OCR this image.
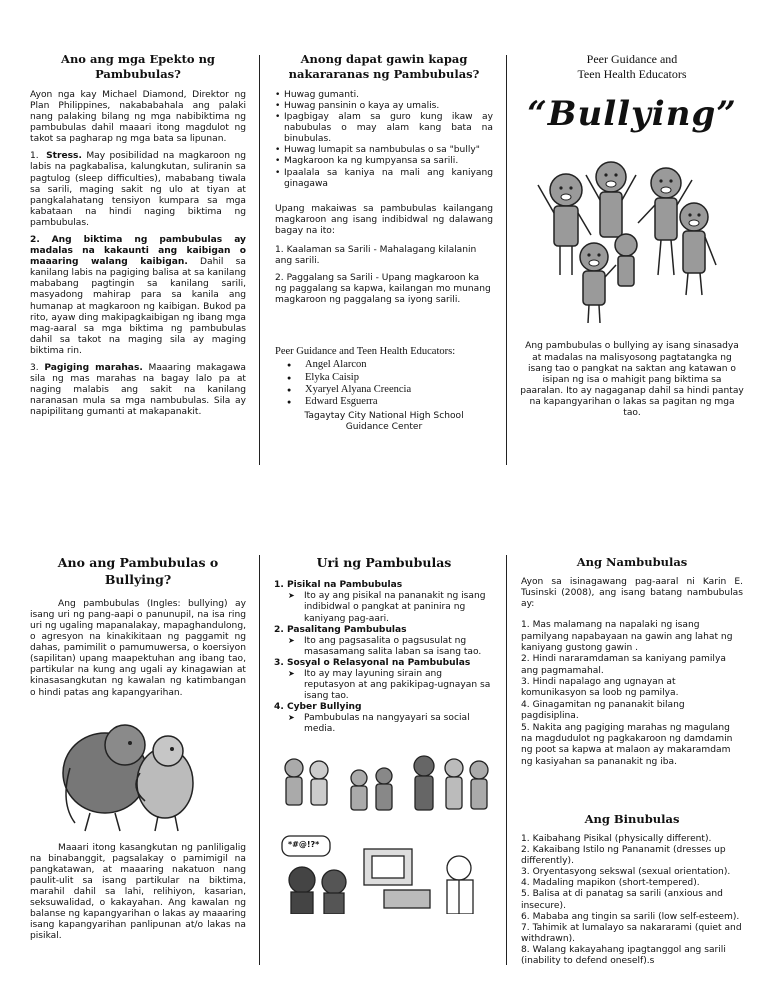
Ano ang mga Epekto ng Pambubulas?

Ayon nga kay Michael Diamond, Direktor ng Plan Philippines, nakababahala ang palaki nang palaking bilang ng mga nabibiktima ng pambubulas dahil maaari itong magdulot ng takot sa pagharap ng mga bata sa lipunan.

1. Stress. May posibilidad na magkaroon ng labis na pagkabalisa, kalungkutan, suliranin sa pagtulog (sleep difficulties), mababang tiwala sa sarili, maging sakit ng ulo at tiyan at pangkalahatang tensiyon kumpara sa mga kabataan na hindi naging biktima ng pambubulas.

2. Ang biktima ng pambubulas ay madalas na kakaunti ang kaibigan o maaaring walang kaibigan. Dahil sa kanilang labis na pagiging balisa at sa kanilang mababang pagtingin sa kanilang sarili, masyadong mahirap para sa kanila ang humanap at magkaroon ng kaibigan. Bukod pa rito, ayaw ding makipagkaibigan ng ibang mga mag-aaral sa mga biktima ng pambubulas dahil sa takot na maging sila ay maging biktima rin.

3. Pagiging marahas. Maaaring makagawa sila ng mas marahas na bagay lalo pa at naging malabis ang sakit na kanilang naranasan mula sa mga nambubulas. Sila ay napipilitang gumanti at makapanakit.

Anong dapat gawin kapag nakararanas ng Pambubulas?
• Huwag gumanti.
• Huwag pansinin o kaya ay umalis.
• Ipagbigay alam sa guro kung ikaw ay nabubulas o may alam kang bata na binubulas.
• Huwag lumapit sa nambubulas o sa "bully"
• Magkaroon ka ng kumpyansa sa sarili.
• Ipaalala sa kaniya na mali ang kaniyang ginagawa

Upang makaiwas sa pambubulas kailangang magkaroon ang isang indibidwal ng dalawang bagay na ito:

1. Kaalaman sa Sarili - Mahalagang kilalanin ang sarili.

2. Paggalang sa Sarili - Upang magkaroon ka ng paggalang sa kapwa, kailangan mo munang magkaroon ng paggalang sa iyong sarili.

Peer Guidance and Teen Health Educators:
● Angel Alarcon
● Elyka Caisip
● Xyaryel Alyana Creencia
● Edward Esguerra
Tagaytay City National High School
Guidance Center
Peer Guidance and
Teen Health Educators
“Bullying”

Ang pambubulas o bullying ay isang sinasadya at madalas na malisyosong pagtatangka ng isang tao o pangkat na saktan ang katawan o isipan ng isa o mahigit pang biktima sa paaralan. Ito ay nagaganap dahil sa hindi pantay na kapangyarihan o lakas sa pagitan ng mga tao.

Ano ang Pambubulas o Bullying?

Ang pambubulas (Ingles: bullying) ay isang uri ng pang-aapi o panunupil, na isa ring uri ng ugaling mapanalakay, mapaghandulong, o agresyon na kinakikitaan ng paggamit ng dahas, pamimilit o pamumuwersa, o koersiyon (sapilitan) upang maapektuhan ang ibang tao, partikular na kung ang ugali ay kinagawian at kinasasangkutan ng kawalan ng katimbangan o hindi patas ang kapangyarihan.

Maaari itong kasangkutan ng panliligalig na binabanggit, pagsalakay o pamimigil na pangkatawan, at maaaring nakatuon nang paulit-ulit sa isang partikular na biktima, marahil dahil sa lahi, relihiyon, kasarian, seksuwalidad, o kakayahan. Ang kawalan ng balanse ng kapangyarihan o lakas ay maaaring isang kapangyarihan panlipunan at/o lakas na pisikal.

Uri ng Pambubulas
1. Pisikal na Pambubulas
➤ Ito ay ang pisikal na pananakit ng isang indibidwal o pangkat at paninira ng kaniyang pag-aari.
2. Pasalitang Pambubulas
➤ Ito ang pagsasalita o pagsusulat ng masasamang salita laban sa isang tao.
3. Sosyal o Relasyonal na Pambubulas
➤ Ito ay may layuning sirain ang reputasyon at ang pakikipag-ugnayan sa isang tao.
4. Cyber Bullying
➤ Pambubulas na nangyayari sa social media.
*#@!?*
Ang Nambubulas

Ayon sa isinagawang pag-aaral ni Karin E. Tusinski (2008), ang isang batang nambubulas ay:

1. Mas malamang na napalaki ng isang pamilyang napabayaan na gawin ang lahat ng kaniyang gustong gawin .
2. Hindi nararamdaman sa kaniyang pamilya ang pagmamahal.
3. Hindi napalago ang ugnayan at komunikasyon sa loob ng pamilya.
4. Ginagamitan ng pananakit bilang pagdisiplina.
5. Nakita ang pagiging marahas ng magulang na magdudulot ng pagkakaroon ng damdamin ng poot sa kapwa at malaon ay makaramdam ng kasiyahan sa pananakit ng iba.
Ang Binubulas
1. Kaibahang Pisikal (physically different).
2. Kakaibang Istilo ng Pananamit (dresses up differently).
3. Oryentasyong sekswal (sexual orientation).
4. Madaling mapikon (short-tempered).
5. Balisa at di panatag sa sarili (anxious and insecure).
6. Mababa ang tingin sa sarili (low self-esteem).
7. Tahimik at lumalayo sa nakararami (quiet and withdrawn).
8. Walang kakayahang ipagtanggol ang sarili (inability to defend oneself).s
